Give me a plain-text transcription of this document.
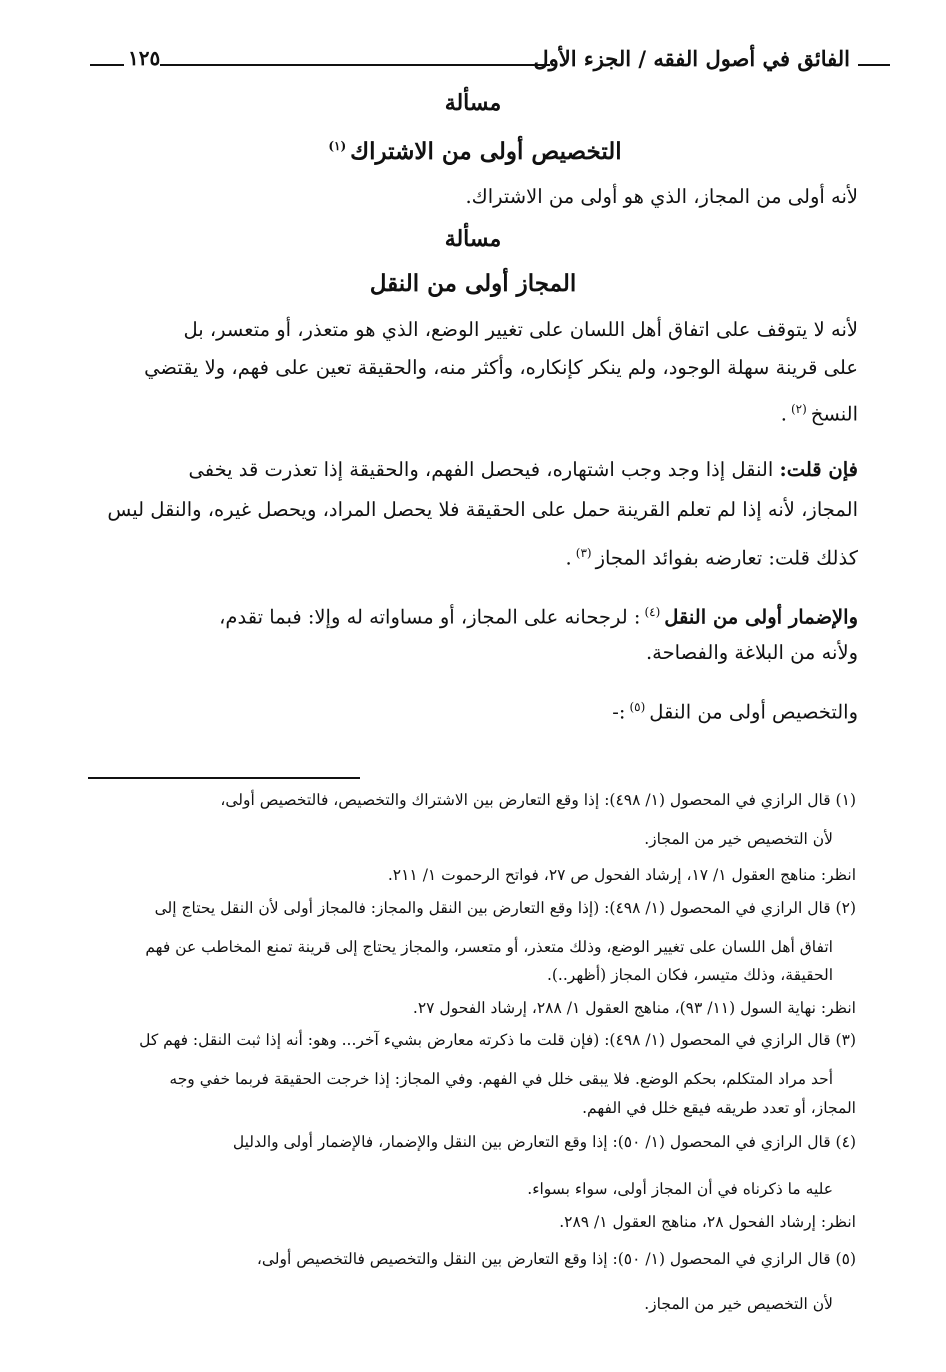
الفائق في أصول الفقه / الجزء الأول
١٢٥
مسألة
التخصيص أولى من الاشتراك$^{(١)}$
لأنه أولى من المجاز، الذي هو أولى من الاشتراك.
مسألة
المجاز أولى من النقل
لأنه لا يتوقف على اتفاق أهل اللسان على تغيير الوضع، الذي هو متعذر، أو متعسر، بل
على قرينة سهلة الوجود، ولم ينكر كإنكاره، وأكثر منه، والحقيقة تعين على فهم، ولا يقتضي
النسخ$^{(٢)}$.
فإن قلت: النقل إذا وجد وجب اشتهاره، فيحصل الفهم، والحقيقة إذا تعذرت قد يخفى
المجاز، لأنه إذا لم تعلم القرينة حمل على الحقيقة فلا يحصل المراد، ويحصل غيره، والنقل ليس
كذلك قلت: تعارضه بفوائد المجاز$^{(٣)}$.
والإضمار أولى من النقل$^{(٤)}$: لرجحانه على المجاز، أو مساواته له وإلا: فبما تقدم،
ولأنه من البلاغة والفصاحة.
والتخصيص أولى من النقل$^{(٥)}$:-
(١) قال الرازي في المحصول (١/ ٤٩٨): إذا وقع التعارض بين الاشتراك والتخصيص، فالتخصيص أولى،
لأن التخصيص خير من المجاز.
انظر: مناهج العقول ١/ ١٧، إرشاد الفحول ص ٢٧، فواتح الرحموت ١/ ٢١١.
(٢) قال الرازي في المحصول (١/ ٤٩٨): (إذا وقع التعارض بين النقل والمجاز: فالمجاز أولى لأن النقل يحتاج إلى
اتفاق أهل اللسان على تغيير الوضع، وذلك متعذر، أو متعسر، والمجاز يحتاج إلى قرينة تمنع المخاطب عن فهم
الحقيقة، وذلك متيسر، فكان المجاز (أظهر..).
انظر: نهاية السول (١١/ ٩٣)، مناهج العقول ١/ ٢٨٨، إرشاد الفحول ٢٧.
(٣) قال الرازي في المحصول (١/ ٤٩٨): (فإن قلت ما ذكرته معارض بشيء آخر... وهو: أنه إذا ثبت النقل: فهم كل
أحد مراد المتكلم، بحكم الوضع. فلا يبقى خلل في الفهم. وفي المجاز: إذا خرجت الحقيقة فربما خفي وجه
المجاز، أو تعدد طريقه فيقع خلل في الفهم.
(٤) قال الرازي في المحصول (١/ ٥٠): إذا وقع التعارض بين النقل والإضمار، فالإضمار أولى والدليل
عليه ما ذكرناه في أن المجاز أولى، سواء بسواء.
انظر: إرشاد الفحول ٢٨، مناهج العقول ١/ ٢٨٩.
(٥) قال الرازي في المحصول (١/ ٥٠): إذا وقع التعارض بين النقل والتخصيص فالتخصيص أولى،
لأن التخصيص خير من المجاز.
